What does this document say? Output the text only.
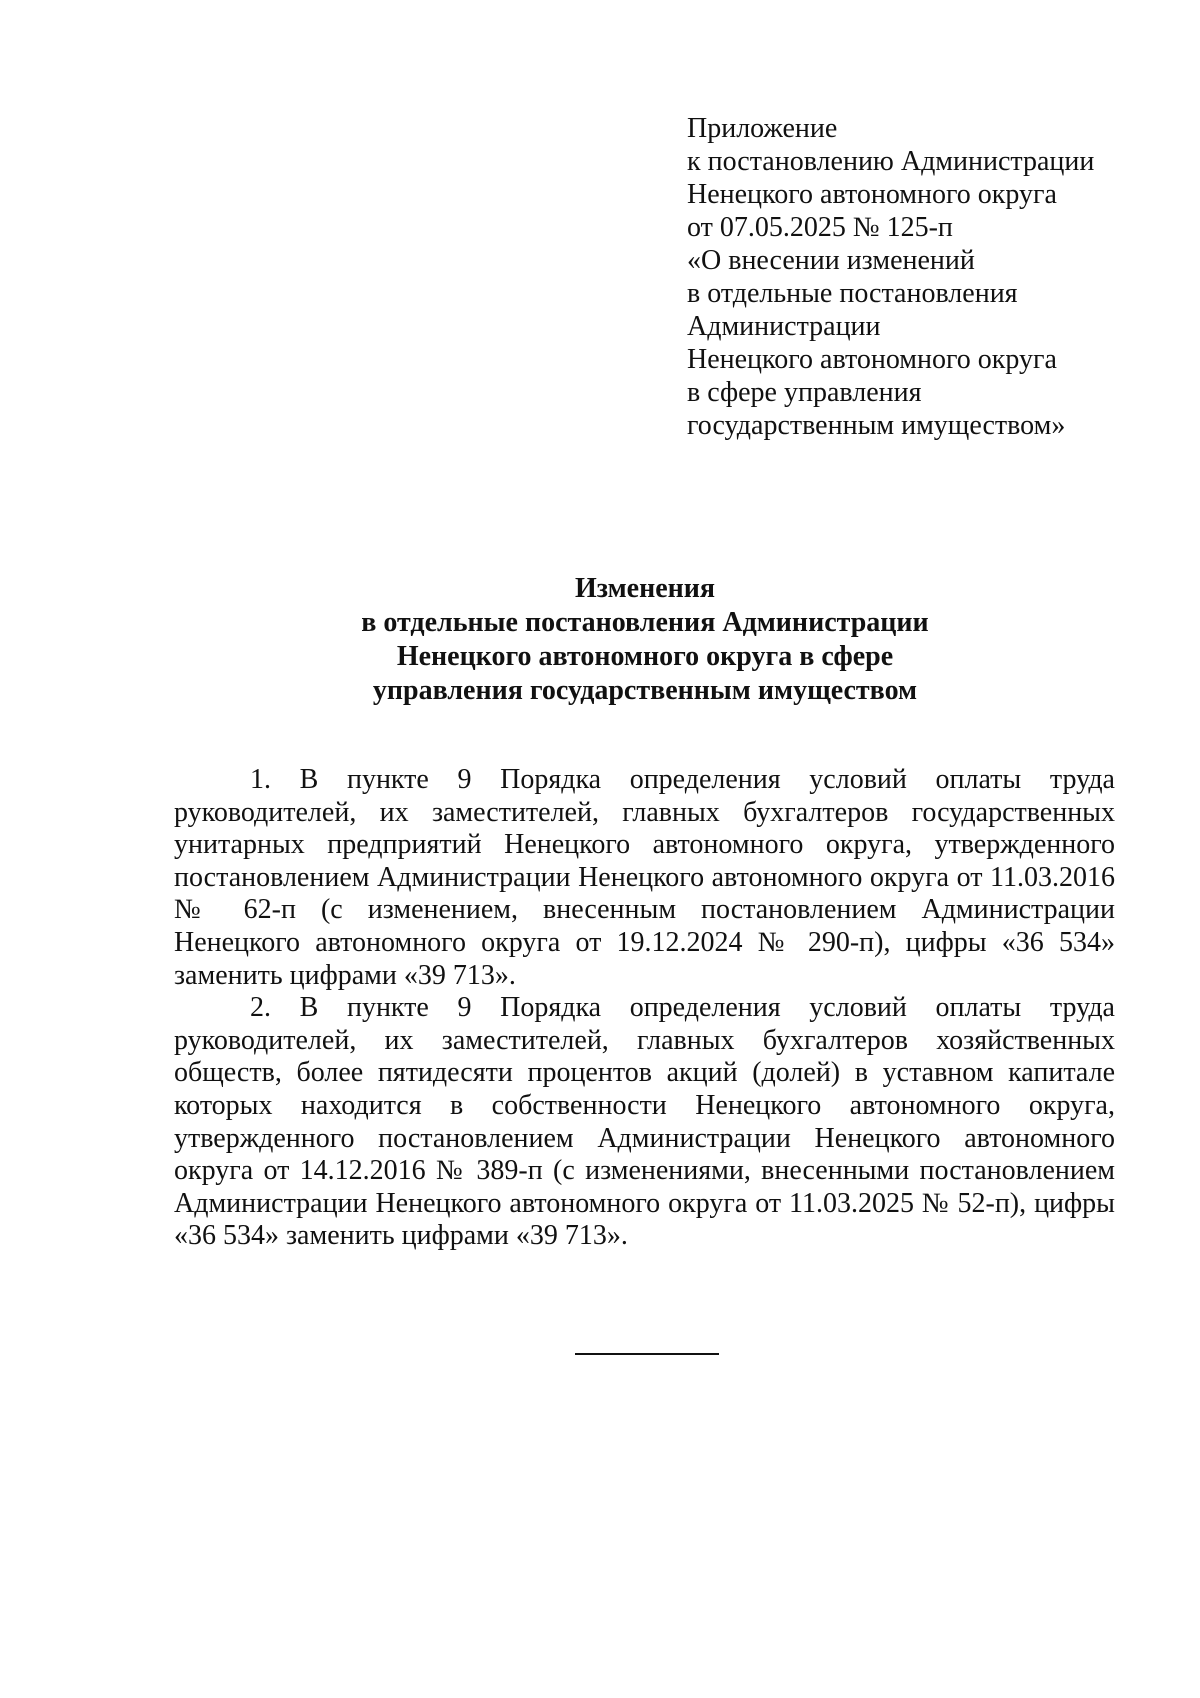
Приложение
к постановлению Администрации
Ненецкого автономного округа
от 07.05.2025 № 125-п
«О внесении изменений
в отдельные постановления
Администрации
Ненецкого автономного округа
в сфере управления
государственным имуществом»
Изменения
в отдельные постановления Администрации
Ненецкого автономного округа в сфере
управления государственным имуществом

1. В пункте 9 Порядка определения условий оплаты труда руководителей, их заместителей, главных бухгалтеров государственных унитарных предприятий Ненецкого автономного округа, утвержденного постановлением Администрации Ненецкого автономного округа от 11.03.2016 № 62-п (с изменением, внесенным постановлением Администрации Ненецкого автономного округа от 19.12.2024 № 290-п), цифры «36 534» заменить цифрами «39 713».

2. В пункте 9 Порядка определения условий оплаты труда руководителей, их заместителей, главных бухгалтеров хозяйственных обществ, более пятидесяти процентов акций (долей) в уставном капитале которых находится в собственности Ненецкого автономного округа, утвержденного постановлением Администрации Ненецкого автономного округа от 14.12.2016 № 389-п (с изменениями, внесенными постановлением Администрации Ненецкого автономного округа от 11.03.2025 № 52-п), цифры «36 534» заменить цифрами «39 713».
